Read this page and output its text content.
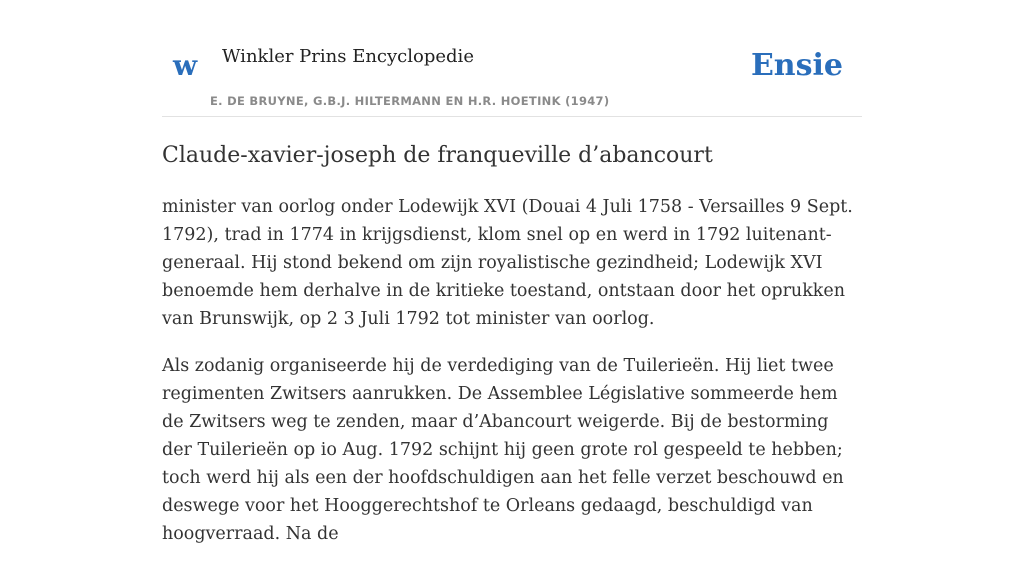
w Winkler Prins Encyclopedie
E. DE BRUYNE, G.B.J. HILTERMANN EN H.R. HOETINK (1947)
Ensie
Claude-xavier-joseph de franqueville d’abancourt

minister van oorlog onder Lodewijk XVI (Douai 4 Juli 1758 - Versailles 9 Sept. 1792), trad in 1774 in krijgsdienst, klom snel op en werd in 1792 luitenant-generaal. Hij stond bekend om zijn royalistische gezindheid; Lodewijk XVI benoemde hem derhalve in de kritieke toestand, ontstaan door het oprukken van Brunswijk, op 2 3 Juli 1792 tot minister van oorlog.

Als zodanig organiseerde hij de verdediging van de Tuilerieën. Hij liet twee regimenten Zwitsers aanrukken. De Assemblee Législative sommeerde hem de Zwitsers weg te zenden, maar d’Abancourt weigerde. Bij de bestorming der Tuilerieën op io Aug. 1792 schijnt hij geen grote rol gespeeld te hebben; toch werd hij als een der hoofdschuldigen aan het felle verzet beschouwd en deswege voor het Hooggerechtshof te Orleans gedaagd, beschuldigd van hoogverraad. Na de
